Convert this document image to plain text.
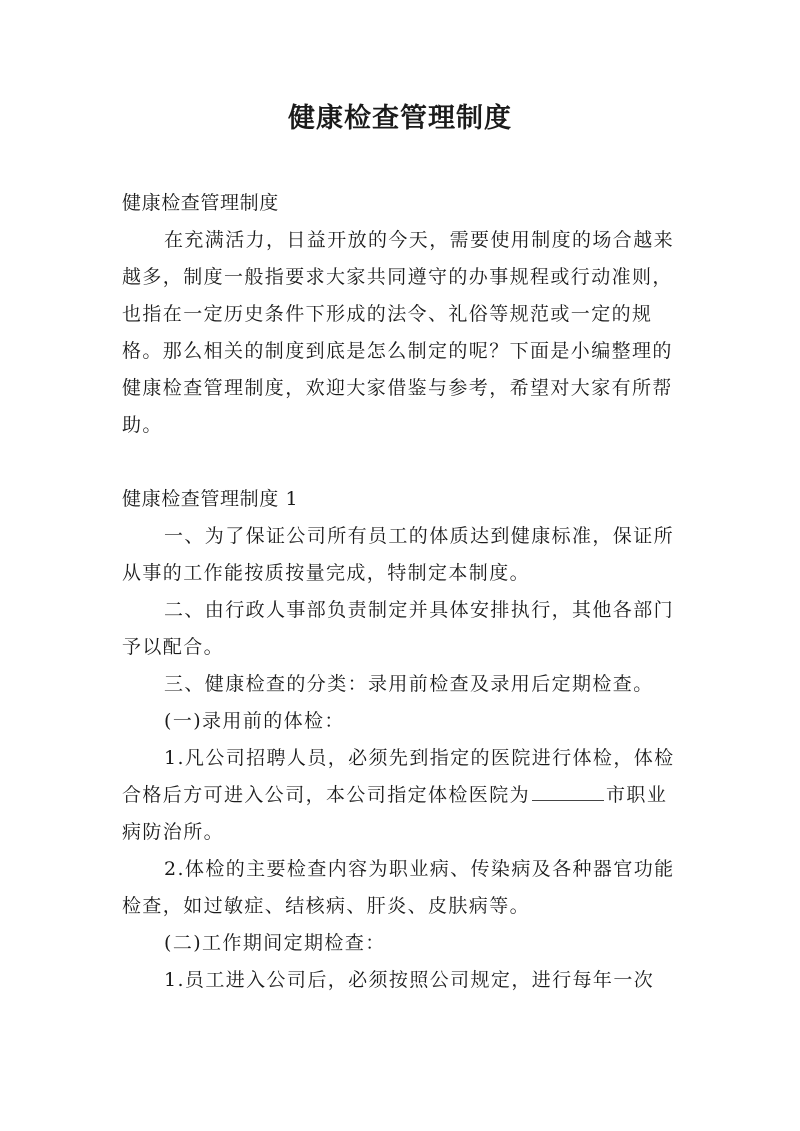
健康检查管理制度

健康检查管理制度

在充满活力，日益开放的今天，需要使用制度的场合越来越多，制度一般指要求大家共同遵守的办事规程或行动准则，也指在一定历史条件下形成的法令、礼俗等规范或一定的规格。那么相关的制度到底是怎么制定的呢？下面是小编整理的健康检查管理制度，欢迎大家借鉴与参考，希望对大家有所帮助。

健康检查管理制度 1

一、为了保证公司所有员工的体质达到健康标准，保证所从事的工作能按质按量完成，特制定本制度。

二、由行政人事部负责制定并具体安排执行，其他各部门予以配合。

三、健康检查的分类：录用前检查及录用后定期检查。

(一)录用前的体检：

1.凡公司招聘人员，必须先到指定的医院进行体检，体检合格后方可进入公司，本公司指定体检医院为	市职业病防治所。

2.体检的主要检查内容为职业病、传染病及各种器官功能检查，如过敏症、结核病、肝炎、皮肤病等。

(二)工作期间定期检查：

1.员工进入公司后，必须按照公司规定，进行每年一次
